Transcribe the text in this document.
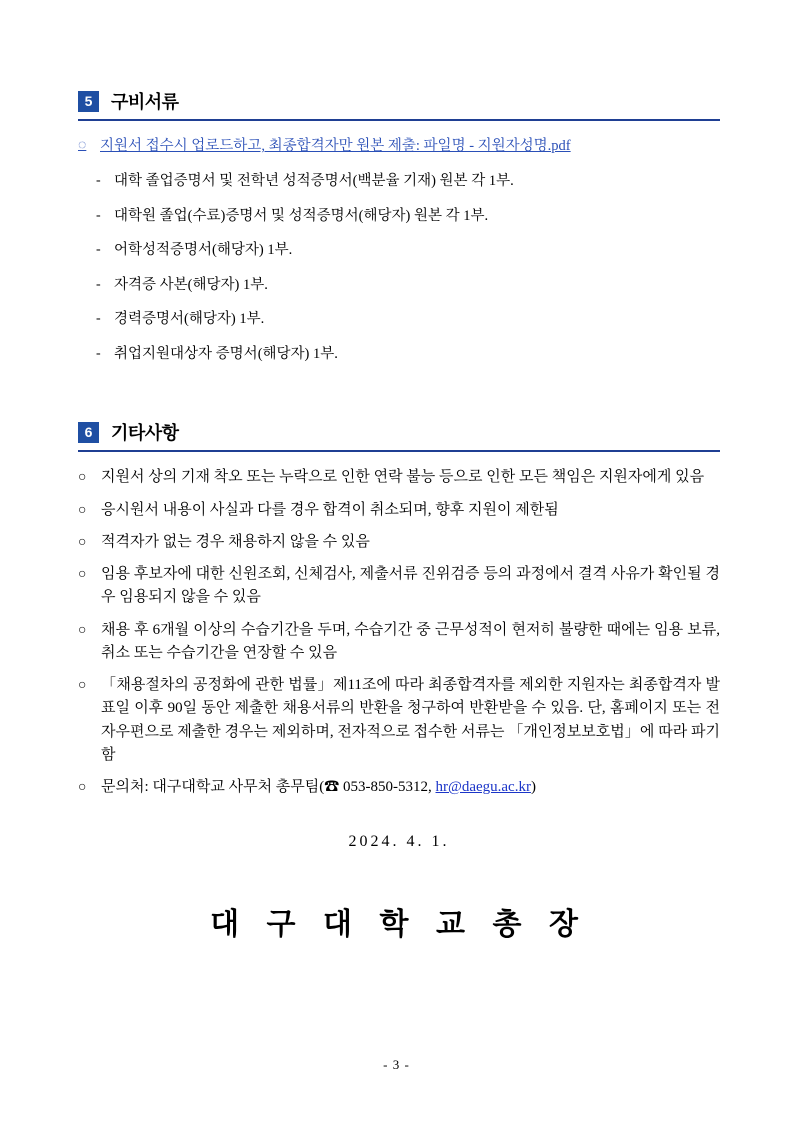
5	구비서류
◌ 지원서 접수시 업로드하고, 최종합격자만 원본 제출: 파일명 - 지원자성명.pdf
- 대학 졸업증명서 및 전학년 성적증명서(백분율 기재) 원본 각 1부.
- 대학원 졸업(수료)증명서 및 성적증명서(해당자) 원본 각 1부.
- 어학성적증명서(해당자) 1부.
- 자격증 사본(해당자) 1부.
- 경력증명서(해당자) 1부.
- 취업지원대상자 증명서(해당자) 1부.
6	기타사항
○ 지원서 상의 기재 착오 또는 누락으로 인한 연락 불능 등으로 인한 모든 책임은 지원자에게 있음
○ 응시원서 내용이 사실과 다를 경우 합격이 취소되며, 향후 지원이 제한됨
○ 적격자가 없는 경우 채용하지 않을 수 있음
○ 임용 후보자에 대한 신원조회, 신체검사, 제출서류 진위검증 등의 과정에서 결격 사유가 확인될 경우 임용되지 않을 수 있음
○ 채용 후 6개월 이상의 수습기간을 두며, 수습기간 중 근무성적이 현저히 불량한 때에는 임용 보류, 취소 또는 수습기간을 연장할 수 있음
○ 「채용절차의 공정화에 관한 법률」제11조에 따라 최종합격자를 제외한 지원자는 최종합격자 발표일 이후 90일 동안 제출한 채용서류의 반환을 청구하여 반환받을 수 있음. 단, 홈페이지 또는 전자우편으로 제출한 경우는 제외하며, 전자적으로 접수한 서류는 「개인정보보호법」에 따라 파기함
○ 문의처: 대구대학교 사무처 총무팀(☎ 053-850-5312, hr@daegu.ac.kr)
2024. 4. 1.
대 구 대 학 교 총 장
- 3 -
